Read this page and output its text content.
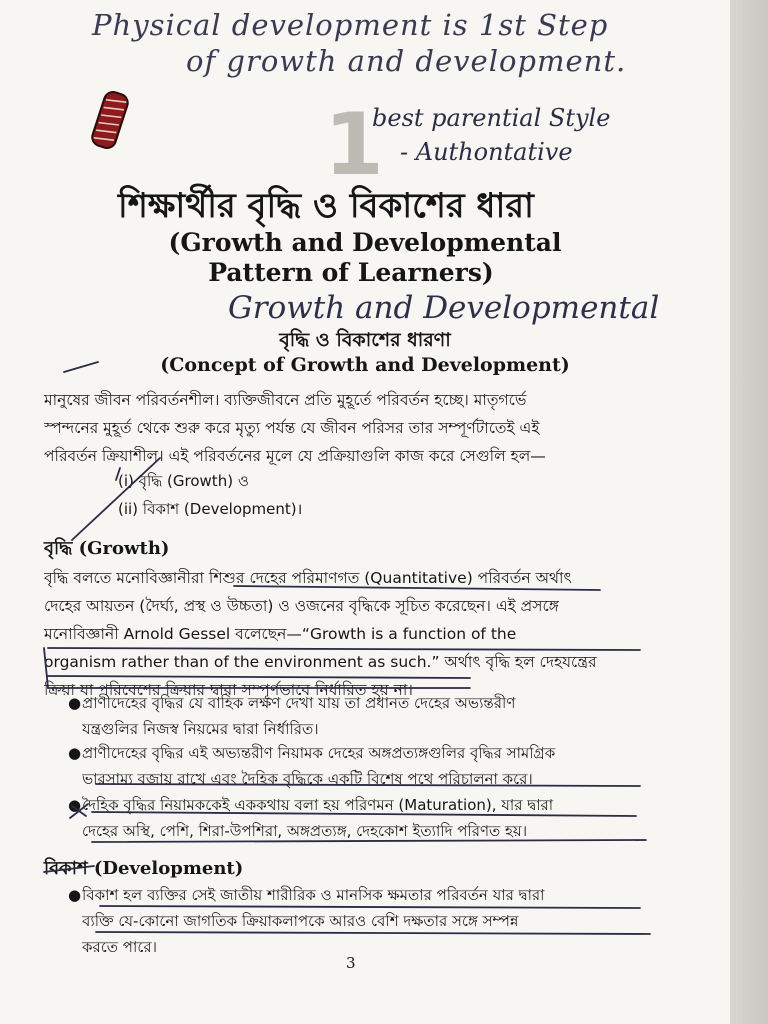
Physical development is 1st Step
of growth and development.
1
best parential Style
- Authontative
শিক্ষার্থীর বৃদ্ধি ও বিকাশের ধারা
(Growth and Developmental
Pattern of Learners)
Growth and Developmental
বৃদ্ধি ও বিকাশের ধারণা
(Concept of Growth and Development)
মানুষের জীবন পরিবর্তনশীল। ব্যক্তিজীবনে প্রতি মুহূর্তে পরিবর্তন হচ্ছে। মাতৃগর্ভে
স্পন্দনের মুহূর্ত থেকে শুরু করে মৃত্যু পর্যন্ত যে জীবন পরিসর তার সম্পূর্ণটাতেই এই
পরিবর্তন ক্রিয়াশীল। এই পরিবর্তনের মূলে যে প্রক্রিয়াগুলি কাজ করে সেগুলি হল—
(i) বৃদ্ধি (Growth) ও
(ii) বিকাশ (Development)।
বৃদ্ধি (Growth)
বৃদ্ধি বলতে মনোবিজ্ঞানীরা শিশুর দেহের পরিমাণগত (Quantitative) পরিবর্তন অর্থাৎ
দেহের আয়তন (দৈর্ঘ্য, প্রস্থ ও উচ্চতা) ও ওজনের বৃদ্ধিকে সূচিত করেছেন। এই প্রসঙ্গে
মনোবিজ্ঞানী Arnold Gessel বলেছেন—“Growth is a function of the
organism rather than of the environment as such.” অর্থাৎ বৃদ্ধি হল দেহযন্ত্রের
ক্রিয়া যা পরিবেশের ক্রিয়ার দ্বারা সম্পূর্ণভাবে নির্ধারিত হয় না।
● প্রাণীদেহের বৃদ্ধির যে বাহিক লক্ষণ দেখা যায় তা প্রধানত দেহের অভ্যন্তরীণ
যন্ত্রগুলির নিজস্ব নিয়মের দ্বারা নির্ধারিত।
● প্রাণীদেহের বৃদ্ধির এই অভ্যন্তরীণ নিয়ামক দেহের অঙ্গপ্রত্যঙ্গগুলির বৃদ্ধির সামগ্রিক
ভারসাম্য বজায় রাখে এবং দৈহিক বৃদ্ধিকে একটি বিশেষ পথে পরিচালনা করে।
● দৈহিক বৃদ্ধির নিয়ামককেই এককথায় বলা হয় পরিণমন (Maturation), যার দ্বারা
দেহের অস্থি, পেশি, শিরা-উপশিরা, অঙ্গপ্রত্যঙ্গ, দেহকোশ ইত্যাদি পরিণত হয়।
বিকাশ (Development)
● বিকাশ হল ব্যক্তির সেই জাতীয় শারীরিক ও মানসিক ক্ষমতার পরিবর্তন যার দ্বারা
ব্যক্তি যে-কোনো জাগতিক ক্রিয়াকলাপকে আরও বেশি দক্ষতার সঙ্গে সম্পন্ন
করতে পারে।
3
